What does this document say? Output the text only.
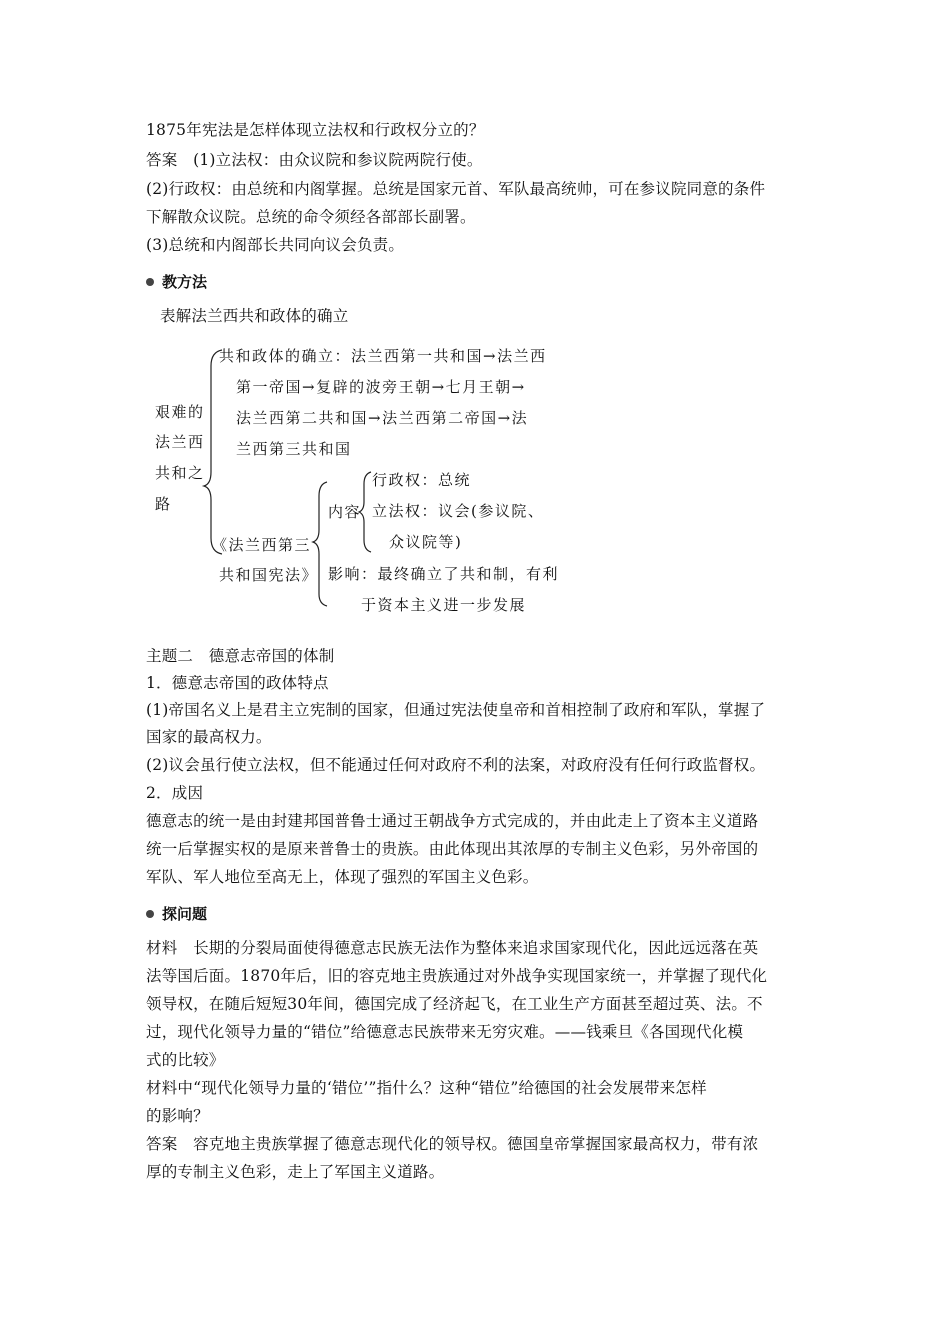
1875年宪法是怎样体现立法权和行政权分立的？
答案　(1)立法权：由众议院和参议院两院行使。
(2)行政权：由总统和内阁掌握。总统是国家元首、军队最高统帅，可在参议院同意的条件
下解散众议院。总统的命令须经各部部长副署。
(3)总统和内阁部长共同向议会负责。
教方法
表解法兰西共和政体的确立
艰难的
法兰西
共和之
路
共和政体的确立：法兰西第一共和国→法兰西
第一帝国→复辟的波旁王朝→七月王朝→
法兰西第二共和国→法兰西第二帝国→法
兰西第三共和国
《法兰西第三
共和国宪法》
内容
行政权：总统
立法权：议会(参议院、
众议院等)
影响：最终确立了共和制，有利
于资本主义进一步发展
主题二　德意志帝国的体制
1．德意志帝国的政体特点
(1)帝国名义上是君主立宪制的国家，但通过宪法使皇帝和首相控制了政府和军队，掌握了
国家的最高权力。
(2)议会虽行使立法权，但不能通过任何对政府不利的法案，对政府没有任何行政监督权。
2．成因
德意志的统一是由封建邦国普鲁士通过王朝战争方式完成的，并由此走上了资本主义道路
统一后掌握实权的是原来普鲁士的贵族。由此体现出其浓厚的专制主义色彩，另外帝国的
军队、军人地位至高无上，体现了强烈的军国主义色彩。
探问题
材料　长期的分裂局面使得德意志民族无法作为整体来追求国家现代化，因此远远落在英
法等国后面。1870年后，旧的容克地主贵族通过对外战争实现国家统一，并掌握了现代化
领导权，在随后短短30年间，德国完成了经济起飞，在工业生产方面甚至超过英、法。不
过，现代化领导力量的“错位”给德意志民族带来无穷灾难。——钱乘旦《各国现代化模
式的比较》
材料中“现代化领导力量的‘错位’”指什么？这种“错位”给德国的社会发展带来怎样
的影响？
答案　容克地主贵族掌握了德意志现代化的领导权。德国皇帝掌握国家最高权力，带有浓
厚的专制主义色彩，走上了军国主义道路。
